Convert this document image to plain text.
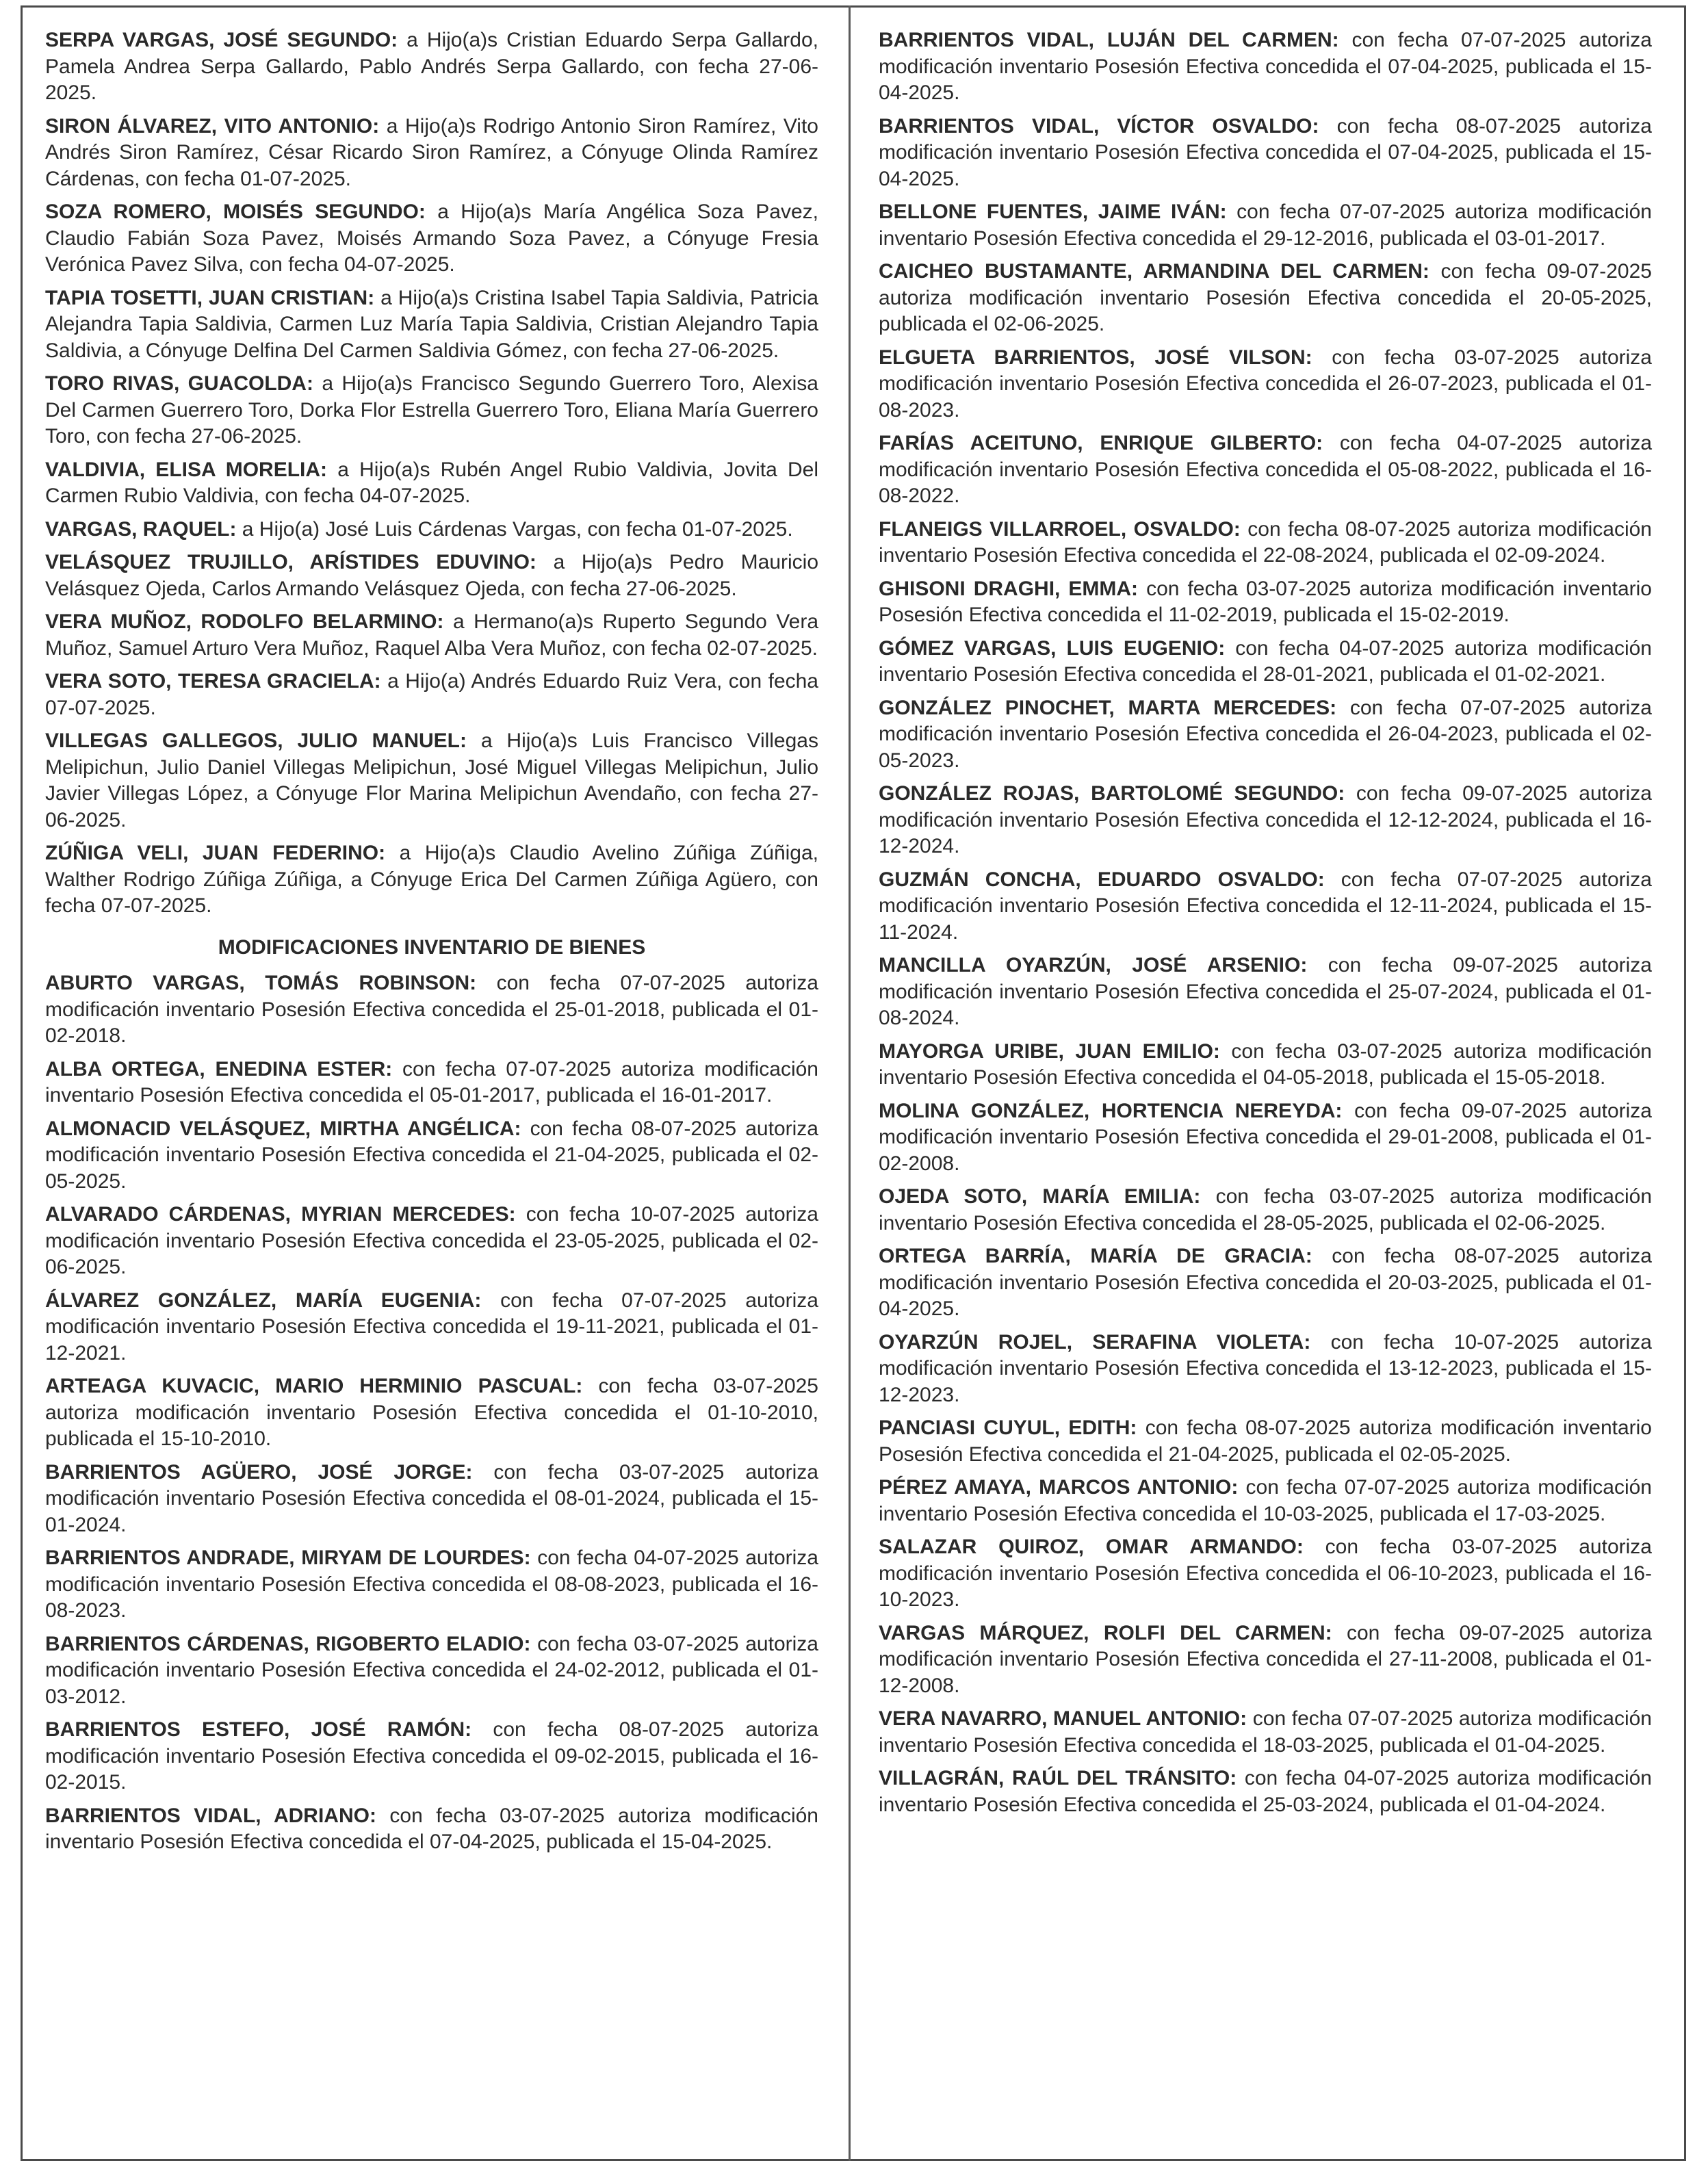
SERPA VARGAS, JOSÉ SEGUNDO: a Hijo(a)s Cristian Eduardo Serpa Gallardo, Pamela Andrea Serpa Gallardo, Pablo Andrés Serpa Gallardo, con fecha 27-06-2025.

SIRON ÁLVAREZ, VITO ANTONIO: a Hijo(a)s Rodrigo Antonio Siron Ramírez, Vito Andrés Siron Ramírez, César Ricardo Siron Ramírez, a Cónyuge Olinda Ramírez Cárdenas, con fecha 01-07-2025.

SOZA ROMERO, MOISÉS SEGUNDO: a Hijo(a)s María Angélica Soza Pavez, Claudio Fabián Soza Pavez, Moisés Armando Soza Pavez, a Cónyuge Fresia Verónica Pavez Silva, con fecha 04-07-2025.

TAPIA TOSETTI, JUAN CRISTIAN: a Hijo(a)s Cristina Isabel Tapia Saldivia, Patricia Alejandra Tapia Saldivia, Carmen Luz María Tapia Saldivia, Cristian Alejandro Tapia Saldivia, a Cónyuge Delfina Del Carmen Saldivia Gómez, con fecha 27-06-2025.

TORO RIVAS, GUACOLDA: a Hijo(a)s Francisco Segundo Guerrero Toro, Alexisa Del Carmen Guerrero Toro, Dorka Flor Estrella Guerrero Toro, Eliana María Guerrero Toro, con fecha 27-06-2025.

VALDIVIA, ELISA MORELIA: a Hijo(a)s Rubén Angel Rubio Valdivia, Jovita Del Carmen Rubio Valdivia, con fecha 04-07-2025.

VARGAS, RAQUEL: a Hijo(a) José Luis Cárdenas Vargas, con fecha 01-07-2025.

VELÁSQUEZ TRUJILLO, ARÍSTIDES EDUVINO: a Hijo(a)s Pedro Mauricio Velásquez Ojeda, Carlos Armando Velásquez Ojeda, con fecha 27-06-2025.

VERA MUÑOZ, RODOLFO BELARMINO: a Hermano(a)s Ruperto Segundo Vera Muñoz, Samuel Arturo Vera Muñoz, Raquel Alba Vera Muñoz, con fecha 02-07-2025.

VERA SOTO, TERESA GRACIELA: a Hijo(a) Andrés Eduardo Ruiz Vera, con fecha 07-07-2025.

VILLEGAS GALLEGOS, JULIO MANUEL: a Hijo(a)s Luis Francisco Villegas Melipichun, Julio Daniel Villegas Melipichun, José Miguel Villegas Melipichun, Julio Javier Villegas López, a Cónyuge Flor Marina Melipichun Avendaño, con fecha 27-06-2025.

ZÚÑIGA VELI, JUAN FEDERINO: a Hijo(a)s Claudio Avelino Zúñiga Zúñiga, Walther Rodrigo Zúñiga Zúñiga, a Cónyuge Erica Del Carmen Zúñiga Agüero, con fecha 07-07-2025.

MODIFICACIONES INVENTARIO DE BIENES

ABURTO VARGAS, TOMÁS ROBINSON: con fecha 07-07-2025 autoriza modificación inventario Posesión Efectiva concedida el 25-01-2018, publicada el 01-02-2018.

ALBA ORTEGA, ENEDINA ESTER: con fecha 07-07-2025 autoriza modificación inventario Posesión Efectiva concedida el 05-01-2017, publicada el 16-01-2017.

ALMONACID VELÁSQUEZ, MIRTHA ANGÉLICA: con fecha 08-07-2025 autoriza modificación inventario Posesión Efectiva concedida el 21-04-2025, publicada el 02-05-2025.

ALVARADO CÁRDENAS, MYRIAN MERCEDES: con fecha 10-07-2025 autoriza modificación inventario Posesión Efectiva concedida el 23-05-2025, publicada el 02-06-2025.

ÁLVAREZ GONZÁLEZ, MARÍA EUGENIA: con fecha 07-07-2025 autoriza modificación inventario Posesión Efectiva concedida el 19-11-2021, publicada el 01-12-2021.

ARTEAGA KUVACIC, MARIO HERMINIO PASCUAL: con fecha 03-07-2025 autoriza modificación inventario Posesión Efectiva concedida el 01-10-2010, publicada el 15-10-2010.

BARRIENTOS AGÜERO, JOSÉ JORGE: con fecha 03-07-2025 autoriza modificación inventario Posesión Efectiva concedida el 08-01-2024, publicada el 15-01-2024.

BARRIENTOS ANDRADE, MIRYAM DE LOURDES: con fecha 04-07-2025 autoriza modificación inventario Posesión Efectiva concedida el 08-08-2023, publicada el 16-08-2023.

BARRIENTOS CÁRDENAS, RIGOBERTO ELADIO: con fecha 03-07-2025 autoriza modificación inventario Posesión Efectiva concedida el 24-02-2012, publicada el 01-03-2012.

BARRIENTOS ESTEFO, JOSÉ RAMÓN: con fecha 08-07-2025 autoriza modificación inventario Posesión Efectiva concedida el 09-02-2015, publicada el 16-02-2015.

BARRIENTOS VIDAL, ADRIANO: con fecha 03-07-2025 autoriza modificación inventario Posesión Efectiva concedida el 07-04-2025, publicada el 15-04-2025.

BARRIENTOS VIDAL, LUJÁN DEL CARMEN: con fecha 07-07-2025 autoriza modificación inventario Posesión Efectiva concedida el 07-04-2025, publicada el 15-04-2025.

BARRIENTOS VIDAL, VÍCTOR OSVALDO: con fecha 08-07-2025 autoriza modificación inventario Posesión Efectiva concedida el 07-04-2025, publicada el 15-04-2025.

BELLONE FUENTES, JAIME IVÁN: con fecha 07-07-2025 autoriza modificación inventario Posesión Efectiva concedida el 29-12-2016, publicada el 03-01-2017.

CAICHEO BUSTAMANTE, ARMANDINA DEL CARMEN: con fecha 09-07-2025 autoriza modificación inventario Posesión Efectiva concedida el 20-05-2025, publicada el 02-06-2025.

ELGUETA BARRIENTOS, JOSÉ VILSON: con fecha 03-07-2025 autoriza modificación inventario Posesión Efectiva concedida el 26-07-2023, publicada el 01-08-2023.

FARÍAS ACEITUNO, ENRIQUE GILBERTO: con fecha 04-07-2025 autoriza modificación inventario Posesión Efectiva concedida el 05-08-2022, publicada el 16-08-2022.

FLANEIGS VILLARROEL, OSVALDO: con fecha 08-07-2025 autoriza modificación inventario Posesión Efectiva concedida el 22-08-2024, publicada el 02-09-2024.

GHISONI DRAGHI, EMMA: con fecha 03-07-2025 autoriza modificación inventario Posesión Efectiva concedida el 11-02-2019, publicada el 15-02-2019.

GÓMEZ VARGAS, LUIS EUGENIO: con fecha 04-07-2025 autoriza modificación inventario Posesión Efectiva concedida el 28-01-2021, publicada el 01-02-2021.

GONZÁLEZ PINOCHET, MARTA MERCEDES: con fecha 07-07-2025 autoriza modificación inventario Posesión Efectiva concedida el 26-04-2023, publicada el 02-05-2023.

GONZÁLEZ ROJAS, BARTOLOMÉ SEGUNDO: con fecha 09-07-2025 autoriza modificación inventario Posesión Efectiva concedida el 12-12-2024, publicada el 16-12-2024.

GUZMÁN CONCHA, EDUARDO OSVALDO: con fecha 07-07-2025 autoriza modificación inventario Posesión Efectiva concedida el 12-11-2024, publicada el 15-11-2024.

MANCILLA OYARZÚN, JOSÉ ARSENIO: con fecha 09-07-2025 autoriza modificación inventario Posesión Efectiva concedida el 25-07-2024, publicada el 01-08-2024.

MAYORGA URIBE, JUAN EMILIO: con fecha 03-07-2025 autoriza modificación inventario Posesión Efectiva concedida el 04-05-2018, publicada el 15-05-2018.

MOLINA GONZÁLEZ, HORTENCIA NEREYDA: con fecha 09-07-2025 autoriza modificación inventario Posesión Efectiva concedida el 29-01-2008, publicada el 01-02-2008.

OJEDA SOTO, MARÍA EMILIA: con fecha 03-07-2025 autoriza modificación inventario Posesión Efectiva concedida el 28-05-2025, publicada el 02-06-2025.

ORTEGA BARRÍA, MARÍA DE GRACIA: con fecha 08-07-2025 autoriza modificación inventario Posesión Efectiva concedida el 20-03-2025, publicada el 01-04-2025.

OYARZÚN ROJEL, SERAFINA VIOLETA: con fecha 10-07-2025 autoriza modificación inventario Posesión Efectiva concedida el 13-12-2023, publicada el 15-12-2023.

PANCIASI CUYUL, EDITH: con fecha 08-07-2025 autoriza modificación inventario Posesión Efectiva concedida el 21-04-2025, publicada el 02-05-2025.

PÉREZ AMAYA, MARCOS ANTONIO: con fecha 07-07-2025 autoriza modificación inventario Posesión Efectiva concedida el 10-03-2025, publicada el 17-03-2025.

SALAZAR QUIROZ, OMAR ARMANDO: con fecha 03-07-2025 autoriza modificación inventario Posesión Efectiva concedida el 06-10-2023, publicada el 16-10-2023.

VARGAS MÁRQUEZ, ROLFI DEL CARMEN: con fecha 09-07-2025 autoriza modificación inventario Posesión Efectiva concedida el 27-11-2008, publicada el 01-12-2008.

VERA NAVARRO, MANUEL ANTONIO: con fecha 07-07-2025 autoriza modificación inventario Posesión Efectiva concedida el 18-03-2025, publicada el 01-04-2025.

VILLAGRÁN, RAÚL DEL TRÁNSITO: con fecha 04-07-2025 autoriza modificación inventario Posesión Efectiva concedida el 25-03-2024, publicada el 01-04-2024.
